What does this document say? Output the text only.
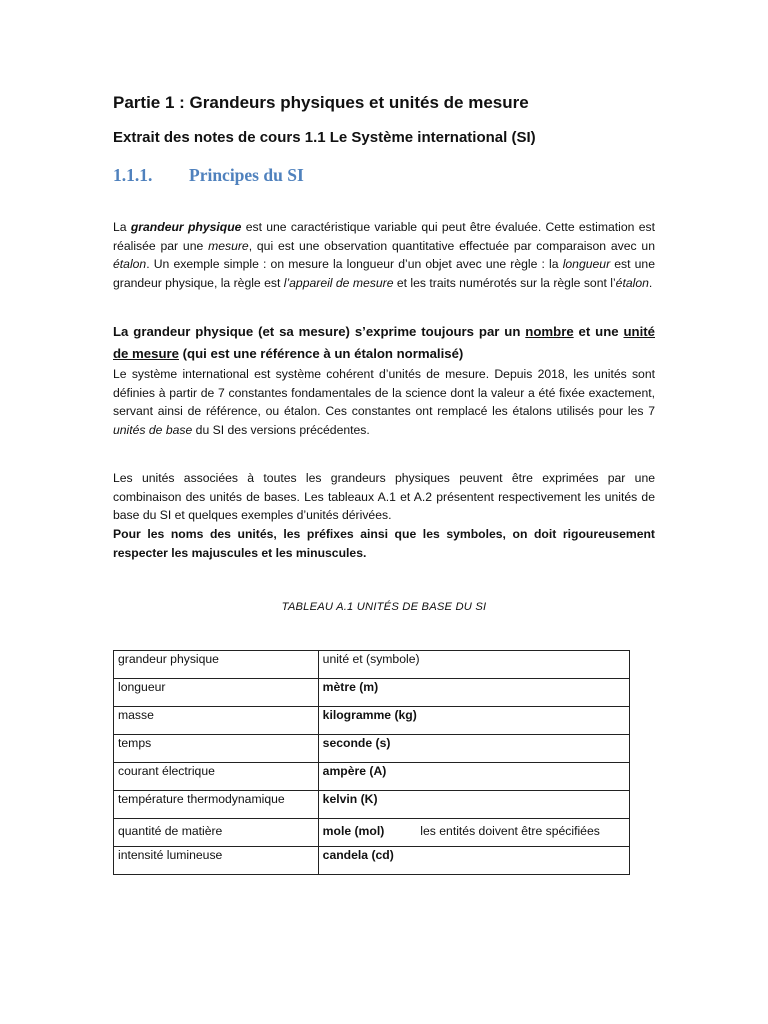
Partie 1 : Grandeurs physiques et unités de mesure
Extrait des notes de cours 1.1 Le Système international (SI)
1.1.1. Principes du SI
La grandeur physique est une caractéristique variable qui peut être évaluée. Cette estimation est réalisée par une mesure, qui est une observation quantitative effectuée par comparaison avec un étalon. Un exemple simple : on mesure la longueur d’un objet avec une règle : la longueur est une grandeur physique, la règle est l’appareil de mesure et les traits numérotés sur la règle sont l’étalon.
La grandeur physique (et sa mesure) s’exprime toujours par un nombre et une unité de mesure (qui est une référence à un étalon normalisé)
Le système international est système cohérent d’unités de mesure. Depuis 2018, les unités sont définies à partir de 7 constantes fondamentales de la science dont la valeur a été fixée exactement, servant ainsi de référence, ou étalon. Ces constantes ont remplacé les étalons utilisés pour les 7 unités de base du SI des versions précédentes.
Les unités associées à toutes les grandeurs physiques peuvent être exprimées par une combinaison des unités de bases. Les tableaux A.1 et A.2 présentent respectivement les unités de base du SI et quelques exemples d’unités dérivées.
Pour les noms des unités, les préfixes ainsi que les symboles, on doit rigoureusement respecter les majuscules et les minuscules.
TABLEAU A.1 UNITÉS DE BASE DU SI
grandeur physique	unité et (symbole)
longueur	mètre (m)
masse	kilogramme (kg)
temps	seconde (s)
courant électrique	ampère (A)
température thermodynamique	kelvin (K)
quantité de matière	mole (mol) les entités doivent être spécifiées
intensité lumineuse	candela (cd)
